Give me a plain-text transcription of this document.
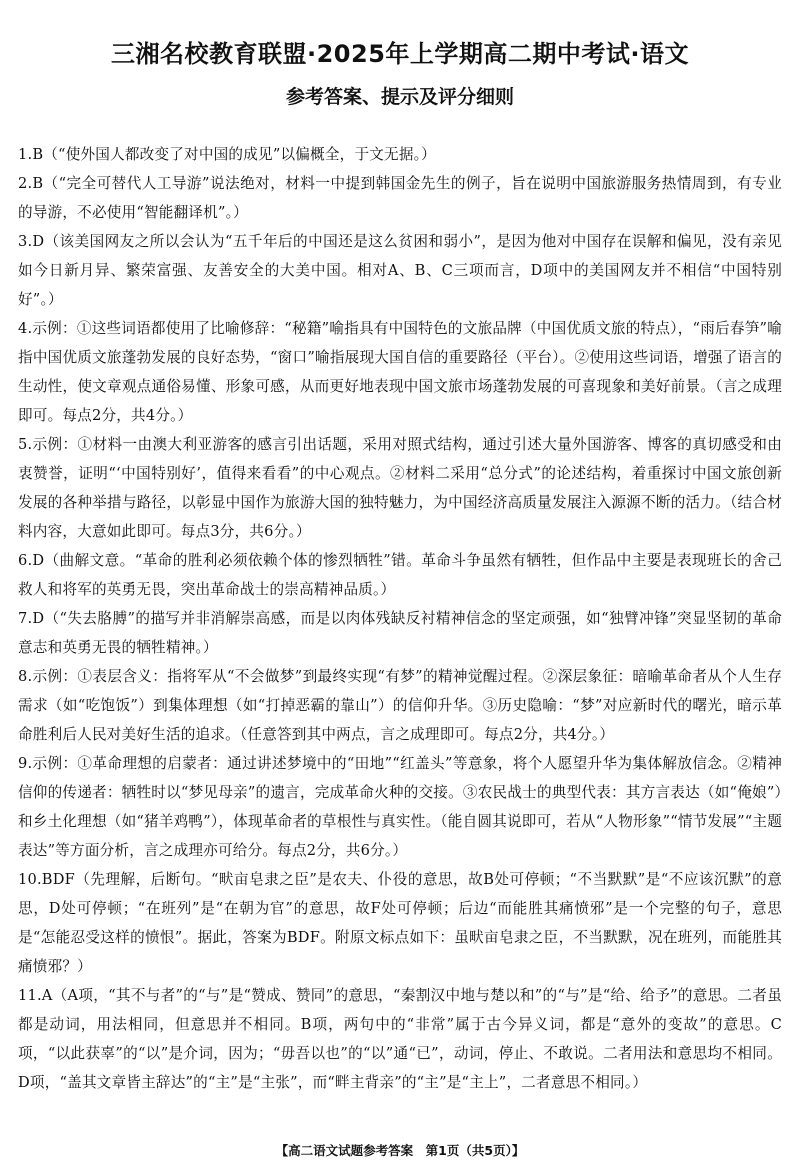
三湘名校教育联盟·2025年上学期高二期中考试·语文
参考答案、提示及评分细则

1.B（“使外国人都改变了对中国的成见”以偏概全，于文无据。）

2.B（“完全可替代人工导游”说法绝对，材料一中提到韩国金先生的例子，旨在说明中国旅游服务热情周到，有专业的导游，不必使用“智能翻译机”。）

3.D（该美国网友之所以会认为“五千年后的中国还是这么贫困和弱小”，是因为他对中国存在误解和偏见，没有亲见如今日新月异、繁荣富强、友善安全的大美中国。相对A、B、C三项而言，D项中的美国网友并不相信“中国特别好”。）

4.示例：①这些词语都使用了比喻修辞：“秘籍”喻指具有中国特色的文旅品牌（中国优质文旅的特点），“雨后春笋”喻指中国优质文旅蓬勃发展的良好态势，“窗口”喻指展现大国自信的重要路径（平台）。②使用这些词语，增强了语言的生动性，使文章观点通俗易懂、形象可感，从而更好地表现中国文旅市场蓬勃发展的可喜现象和美好前景。（言之成理即可。每点2分，共4分。）

5.示例：①材料一由澳大利亚游客的感言引出话题，采用对照式结构，通过引述大量外国游客、博客的真切感受和由衷赞誉，证明“‘中国特别好’，值得来看看”的中心观点。②材料二采用“总分式”的论述结构，着重探讨中国文旅创新发展的各种举措与路径，以彰显中国作为旅游大国的独特魅力，为中国经济高质量发展注入源源不断的活力。（结合材料内容，大意如此即可。每点3分，共6分。）

6.D（曲解文意。“革命的胜利必须依赖个体的惨烈牺牲”错。革命斗争虽然有牺牲，但作品中主要是表现班长的舍己救人和将军的英勇无畏，突出革命战士的崇高精神品质。）

7.D（“失去胳膊”的描写并非消解崇高感，而是以肉体残缺反衬精神信念的坚定顽强，如“独臂冲锋”突显坚韧的革命意志和英勇无畏的牺牲精神。）

8.示例：①表层含义：指将军从“不会做梦”到最终实现“有梦”的精神觉醒过程。②深层象征：暗喻革命者从个人生存需求（如“吃饱饭”）到集体理想（如“打掉恶霸的靠山”）的信仰升华。③历史隐喻：“梦”对应新时代的曙光，暗示革命胜利后人民对美好生活的追求。（任意答到其中两点，言之成理即可。每点2分，共4分。）

9.示例：①革命理想的启蒙者：通过讲述梦境中的“田地”“红盖头”等意象，将个人愿望升华为集体解放信念。②精神信仰的传递者：牺牲时以“梦见母亲”的遗言，完成革命火种的交接。③农民战士的典型代表：其方言表达（如“俺娘”）和乡土化理想（如“猪羊鸡鸭”），体现革命者的草根性与真实性。（能自圆其说即可，若从“人物形象”“情节发展”“主题表达”等方面分析，言之成理亦可给分。每点2分，共6分。）

10.BDF（先理解，后断句。“畎亩皂隶之臣”是农夫、仆役的意思，故B处可停顿；“不当默默”是“不应该沉默”的意思，D处可停顿；“在班列”是“在朝为官”的意思，故F处可停顿；后边“而能胜其痛愤邪”是一个完整的句子，意思是“怎能忍受这样的愤恨”。据此，答案为BDF。附原文标点如下：虽畎亩皂隶之臣，不当默默，况在班列，而能胜其痛愤邪？）

11.A（A项，“其不与者”的“与”是“赞成、赞同”的意思，“秦割汉中地与楚以和”的“与”是“给、给予”的意思。二者虽都是动词，用法相同，但意思并不相同。B项，两句中的“非常”属于古今异义词，都是“意外的变故”的意思。C项，“以此获辜”的“以”是介词，因为；“毋吾以也”的“以”通“已”，动词，停止、不敢说。二者用法和意思均不相同。D项，“盖其文章皆主辞达”的“主”是“主张”，而“畔主背亲”的“主”是“主上”，二者意思不相同。）

【高二语文试题参考答案　第1页（共5页）】
